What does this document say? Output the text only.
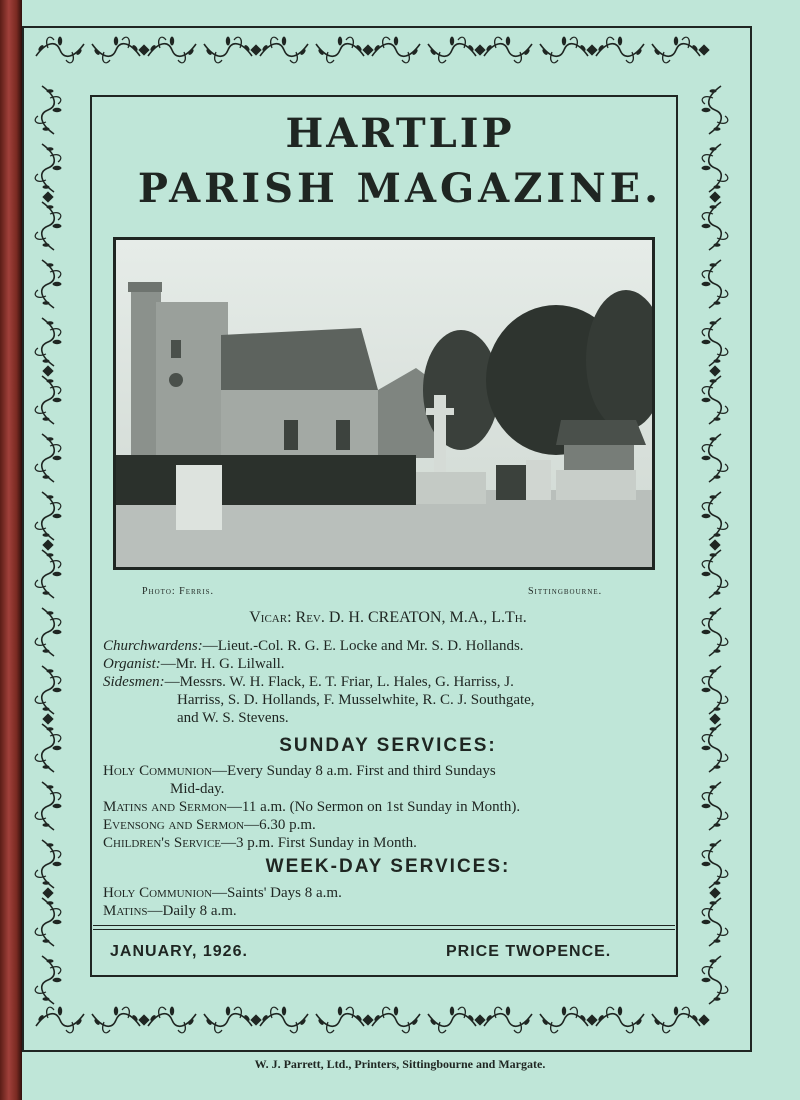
HARTLIP
PARISH MAGAZINE.
Photo: Ferris.	Sittingbourne.
Vicar: Rev. D. H. CREATON, M.A., L.Th.
Churchwardens:—Lieut.-Col. R. G. E. Locke and Mr. S. D. Hollands.
Organist:—Mr. H. G. Lilwall.
Sidesmen:—Messrs. W. H. Flack, E. T. Friar, L. Hales, G. Harriss, J.
Harriss, S. D. Hollands, F. Musselwhite, R. C. J. Southgate,
and W. S. Stevens.
SUNDAY SERVICES:
Holy Communion—Every Sunday 8 a.m. First and third Sundays
Mid-day.
Matins and Sermon—11 a.m. (No Sermon on 1st Sunday in Month).
Evensong and Sermon—6.30 p.m.
Children's Service—3 p.m. First Sunday in Month.
WEEK-DAY SERVICES:
Holy Communion—Saints' Days 8 a.m.
Matins—Daily 8 a.m.
JANUARY, 1926.	PRICE TWOPENCE.
W. J. Parrett, Ltd., Printers, Sittingbourne and Margate.
